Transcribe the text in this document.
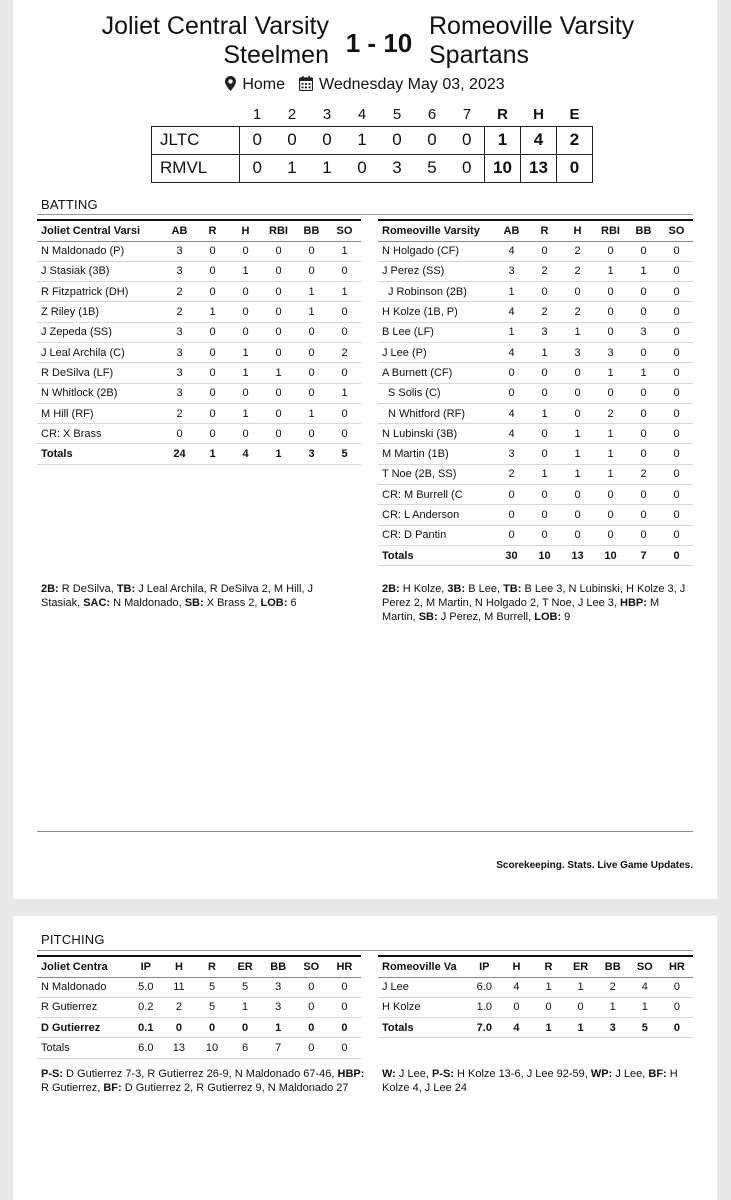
Joliet Central Varsity
Steelmen 1 - 10
Romeoville Varsity
Spartans
Home Wednesday May 03, 2023
	1	2	3	4	5	6	7	R	H	E
JLTC	0	0	0	1	0	0	0	1	4	2
RMVL	0	1	1	0	3	5	0	10	13	0
BATTING
Joliet Central Varsi	AB	R	H	RBI	BB	SO
N Maldonado (P)	3	0	0	0	0	1
J Stasiak (3B)	3	0	1	0	0	0
R Fitzpatrick (DH)	2	0	0	0	1	1
Z Riley (1B)	2	1	0	0	1	0
J Zepeda (SS)	3	0	0	0	0	0
J Leal Archila (C)	3	0	1	0	0	2
R DeSilva (LF)	3	0	1	1	0	0
N Whitlock (2B)	3	0	0	0	0	1
M Hill (RF)	2	0	1	0	1	0
CR: X Brass	0	0	0	0	0	0
Totals	24	1	4	1	3	5
Romeoville Varsity	AB	R	H	RBI	BB	SO
N Holgado (CF)	4	0	2	0	0	0
J Perez (SS)	3	2	2	1	1	0
J Robinson (2B)	1	0	0	0	0	0
H Kolze (1B, P)	4	2	2	0	0	0
B Lee (LF)	1	3	1	0	3	0
J Lee (P)	4	1	3	3	0	0
A Burnett (CF)	0	0	0	1	1	0
S Solis (C)	0	0	0	0	0	0
N Whitford (RF)	4	1	0	2	0	0
N Lubinski (3B)	4	0	1	1	0	0
M Martin (1B)	3	0	1	1	0	0
T Noe (2B, SS)	2	1	1	1	2	0
CR: M Burrell (C	0	0	0	0	0	0
CR: L Anderson	0	0	0	0	0	0
CR: D Pantin	0	0	0	0	0	0
Totals	30	10	13	10	7	0
2B: R DeSilva, TB: J Leal Archila, R DeSilva 2, M Hill, J Stasiak, SAC: N Maldonado, SB: X Brass 2, LOB: 6
2B: H Kolze, 3B: B Lee, TB: B Lee 3, N Lubinski, H Kolze 3, J Perez 2, M Martin, N Holgado 2, T Noe, J Lee 3, HBP: M Martin, SB: J Perez, M Burrell, LOB: 9
Scorekeeping. Stats. Live Game Updates.
PITCHING
Joliet Centra	IP	H	R	ER	BB	SO	HR
N Maldonado	5.0	11	5	5	3	0	0
R Gutierrez	0.2	2	5	1	3	0	0
D Gutierrez	0.1	0	0	0	1	0	0
Totals	6.0	13	10	6	7	0	0
Romeoville Va	IP	H	R	ER	BB	SO	HR
J Lee	6.0	4	1	1	2	4	0
H Kolze	1.0	0	0	0	1	1	0
Totals	7.0	4	1	1	3	5	0
P-S: D Gutierrez 7-3, R Gutierrez 26-9, N Maldonado 67-46, HBP: R Gutierrez, BF: D Gutierrez 2, R Gutierrez 9, N Maldonado 27
W: J Lee, P-S: H Kolze 13-6, J Lee 92-59, WP: J Lee, BF: H Kolze 4, J Lee 24
